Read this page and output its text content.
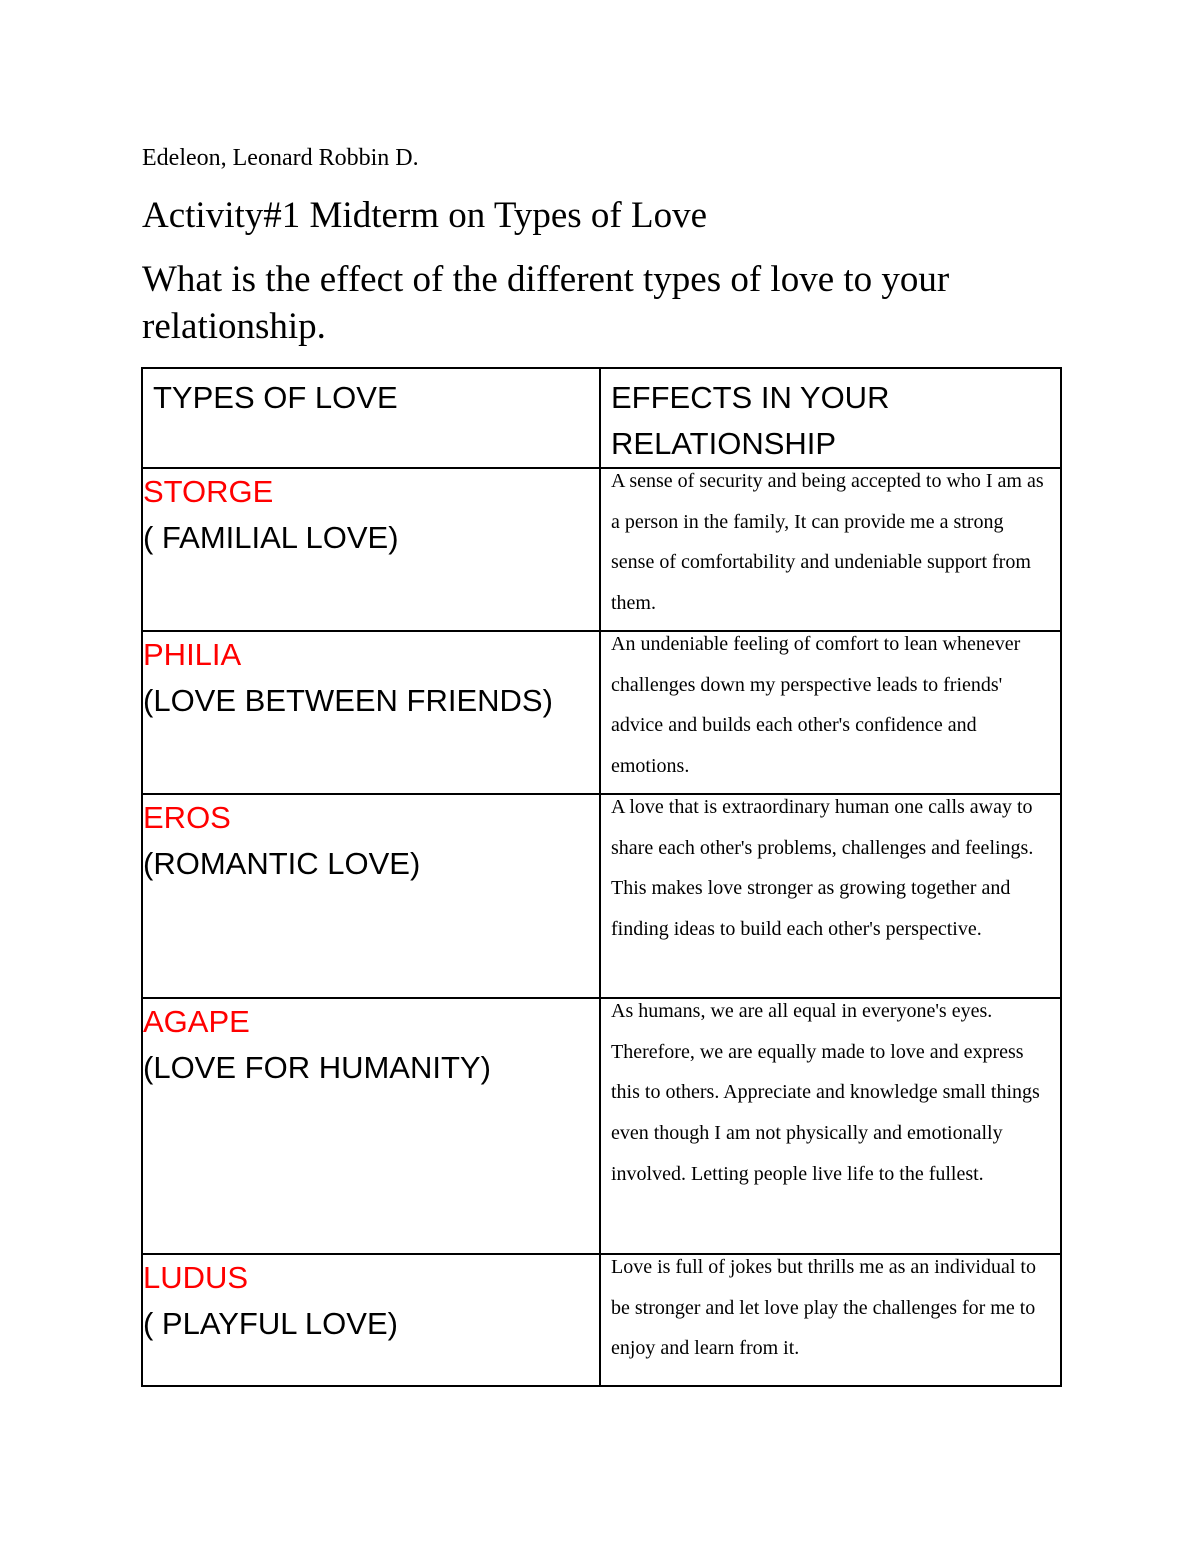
Edeleon, Leonard Robbin D.
Activity#1 Midterm on Types of Love
What is the effect of the different types of love to your relationship.
TYPES OF LOVE	EFFECTS IN YOUR RELATIONSHIP

STORGE
( FAMILIAL LOVE)	A sense of security and being accepted to who I am as a person in the family, It can provide me a strong sense of comfortability and undeniable support from them.

PHILIA
(LOVE BETWEEN FRIENDS)	An undeniable feeling of comfort to lean whenever challenges down my perspective leads to friends' advice and builds each other's confidence and emotions.

EROS
(ROMANTIC LOVE)	A love that is extraordinary human one calls away to share each other's problems, challenges and feelings. This makes love stronger as growing together and finding ideas to build each other's perspective.

AGAPE
(LOVE FOR HUMANITY)	As humans, we are all equal in everyone's eyes. Therefore, we are equally made to love and express this to others. Appreciate and knowledge small things even though I am not physically and emotionally involved. Letting people live life to the fullest.

LUDUS
( PLAYFUL LOVE)	Love is full of jokes but thrills me as an individual to be stronger and let love play the challenges for me to enjoy and learn from it.
